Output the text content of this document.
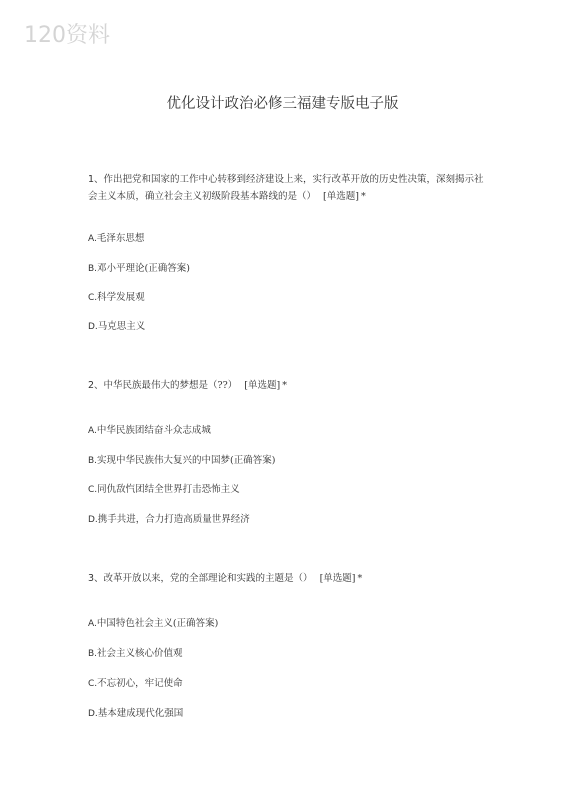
120资料
优化设计政治必修三福建专版电子版

1、作出把党和国家的工作中心转移到经济建设上来，实行改革开放的历史性决策，深刻揭示社会主义本质，确立社会主义初级阶段基本路线的是（） [单选题] *

A.毛泽东思想
B.邓小平理论(正确答案)
C.科学发展观
D.马克思主义

2、中华民族最伟大的梦想是（??） [单选题] *

A.中华民族团结奋斗众志成城
B.实现中华民族伟大复兴的中国梦(正确答案)
C.同仇敌忾团结全世界打击恐怖主义
D.携手共进，合力打造高质量世界经济

3、改革开放以来，党的全部理论和实践的主题是（） [单选题] *

A.中国特色社会主义(正确答案)
B.社会主义核心价值观
C.不忘初心，牢记使命
D.基本建成现代化强国
